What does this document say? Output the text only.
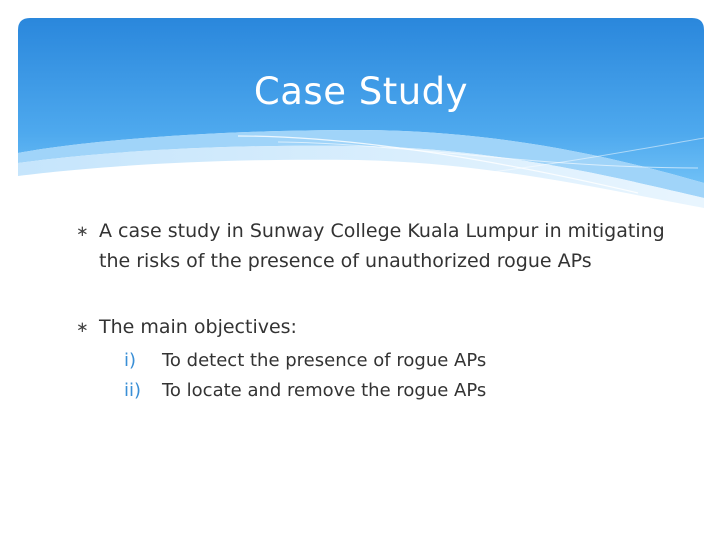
Case Study
∗ A case study in Sunway College Kuala Lumpur in mitigating the risks of the presence of unauthorized rogue APs
∗ The main objectives:
i) To detect the presence of rogue APs
ii) To locate and remove the rogue APs
